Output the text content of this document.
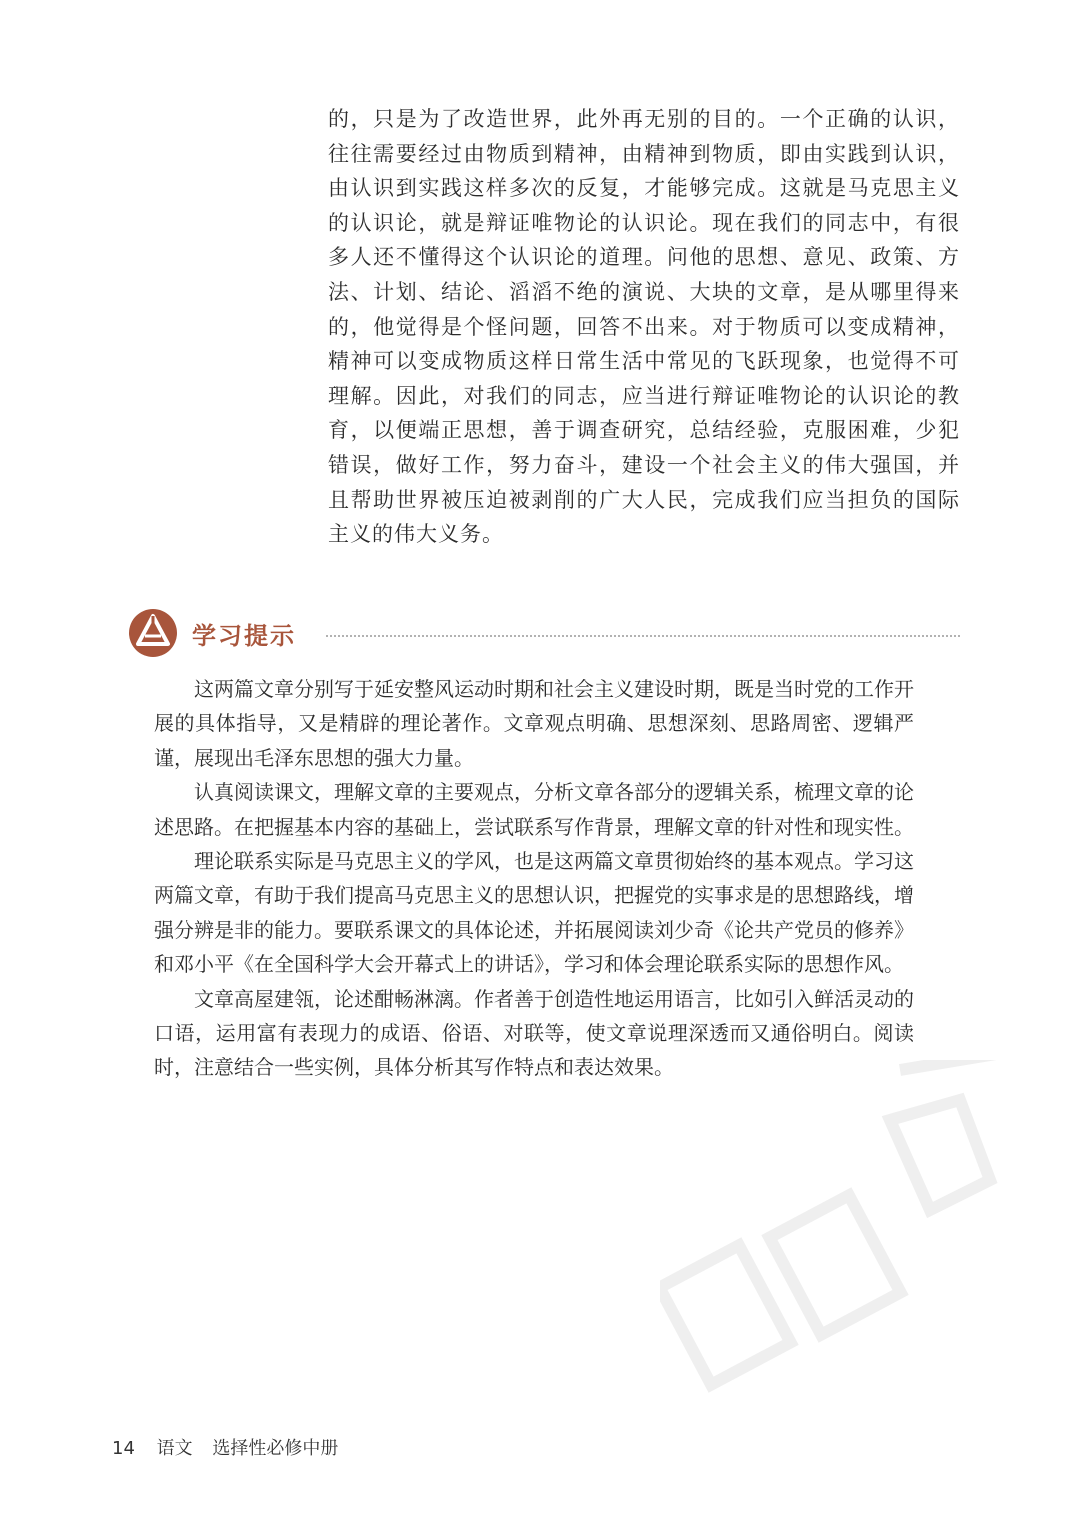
的，只是为了改造世界，此外再无别的目的。一个正确的认识，往往需要经过由物质到精神，由精神到物质，即由实践到认识，由认识到实践这样多次的反复，才能够完成。这就是马克思主义的认识论，就是辩证唯物论的认识论。现在我们的同志中，有很多人还不懂得这个认识论的道理。问他的思想、意见、政策、方法、计划、结论、滔滔不绝的演说、大块的文章，是从哪里得来的，他觉得是个怪问题，回答不出来。对于物质可以变成精神，精神可以变成物质这样日常生活中常见的飞跃现象，也觉得不可理解。因此，对我们的同志，应当进行辩证唯物论的认识论的教育，以便端正思想，善于调查研究，总结经验，克服困难，少犯错误，做好工作，努力奋斗，建设一个社会主义的伟大强国，并且帮助世界被压迫被剥削的广大人民，完成我们应当担负的国际主义的伟大义务。

学习提示

这两篇文章分别写于延安整风运动时期和社会主义建设时期，既是当时党的工作开展的具体指导，又是精辟的理论著作。文章观点明确、思想深刻、思路周密、逻辑严谨，展现出毛泽东思想的强大力量。

认真阅读课文，理解文章的主要观点，分析文章各部分的逻辑关系，梳理文章的论述思路。在把握基本内容的基础上，尝试联系写作背景，理解文章的针对性和现实性。

理论联系实际是马克思主义的学风，也是这两篇文章贯彻始终的基本观点。学习这两篇文章，有助于我们提高马克思主义的思想认识，把握党的实事求是的思想路线，增强分辨是非的能力。要联系课文的具体论述，并拓展阅读刘少奇《论共产党员的修养》和邓小平《在全国科学大会开幕式上的讲话》，学习和体会理论联系实际的思想作风。

文章高屋建瓴，论述酣畅淋漓。作者善于创造性地运用语言，比如引入鲜活灵动的口语，运用富有表现力的成语、俗语、对联等，使文章说理深透而又通俗明白。阅读时，注意结合一些实例，具体分析其写作特点和表达效果。

14 语文 选择性必修中册
